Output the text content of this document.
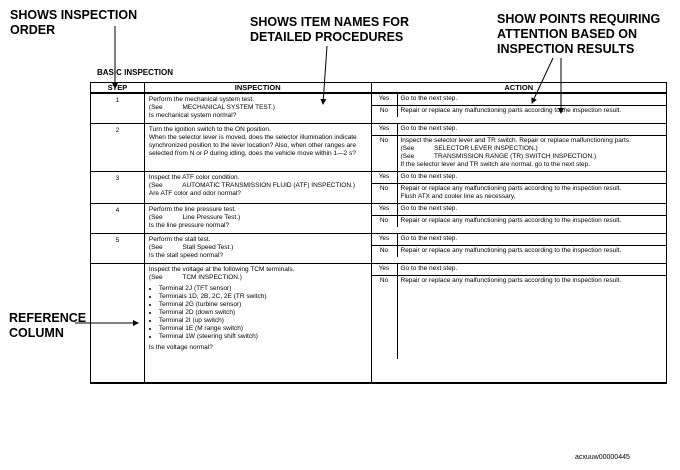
SHOWS INSPECTION
ORDER
SHOWS ITEM NAMES FOR
DETAILED PROCEDURES
SHOW POINTS REQUIRING
ATTENTION BASED ON
INSPECTION RESULTS
REFERENCE
COLUMN
BASIC INSPECTION
STEP	INSPECTION	ACTION

1	Perform the mechanical system test.
(See           MECHANICAL SYSTEM TEST.)
Is mechanical system normal?

Yes	Go to the next step.
No	Repair or replace any malfunctioning parts according to the inspection result.

2	Turn the ignition switch to the ON position.
When the selector lever is moved, does the selector illumination indicate synchronized position to the lever location? Also, when other ranges are selected from N or P during idling, does the vehicle move within 1—2 s?

Yes	Go to the next step.
No	Inspect the selector lever and TR switch. Repair or replace malfunctioning parts.
(See           SELECTOR LEVER INSPECTION.)
(See           TRANSMISSION RANGE (TR) SWITCH INSPECTION.)
If the selector lever and TR switch are normal, go to the next step.

3	Inspect the ATF color condition.
(See           AUTOMATIC TRANSMISSION FLUID (ATF) INSPECTION.)
Are ATF color and odor normal?

Yes	Go to the next step.
No	Repair or replace any malfunctioning parts according to the inspection result.
Flush ATX and cooler line as necessary.

4	Perform the line pressure test.
(See           Line Pressure Test.)
Is the line pressure normal?

Yes	Go to the next step.
No	Repair or replace any malfunctioning parts according to the inspection result.

5	Perform the stall test.
(See           Stall Speed Test.)
Is the stall speed normal?

Yes	Go to the next step.
No	Repair or replace any malfunctioning parts according to the inspection result.

Inspect the voltage at the following TCM terminals.
(See           TCM INSPECTION.)

• Terminal 2J (TFT sensor)
• Terminals 1D, 2B, 2C, 2E (TR switch)
• Terminal 2G (turbine sensor)
• Terminal 2D (down switch)
• Terminal 2I (up switch)
• Terminal 1E (M range switch)
• Terminal 1W (steering shift switch)

Is the voltage normal?

Yes	Go to the next step.
No	Repair or replace any malfunctioning parts according to the inspection result.
acxuuw00000445
